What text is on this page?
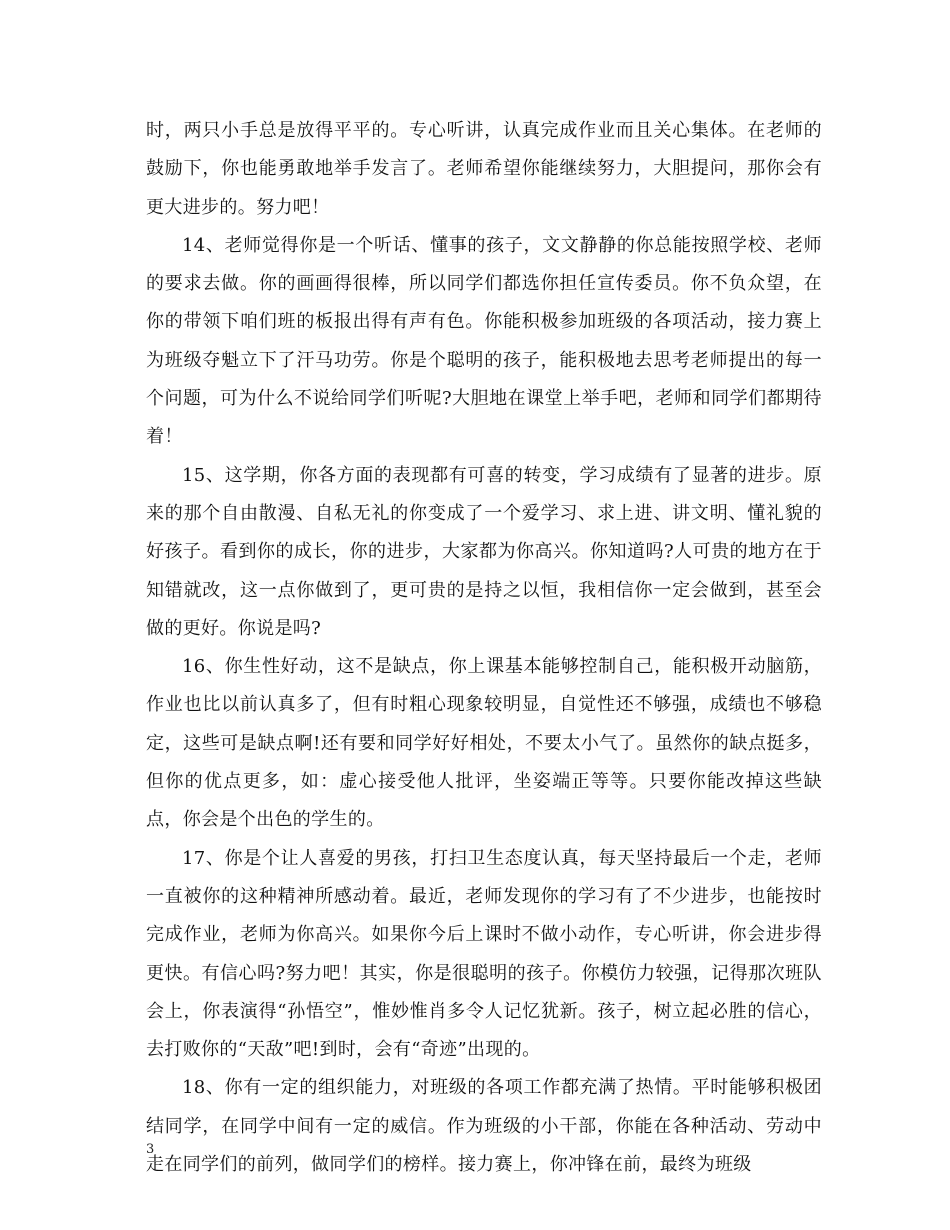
时，两只小手总是放得平平的。专心听讲，认真完成作业而且关心集体。在老师的鼓励下，你也能勇敢地举手发言了。老师希望你能继续努力，大胆提问，那你会有更大进步的。努力吧！

14、老师觉得你是一个听话、懂事的孩子，文文静静的你总能按照学校、老师的要求去做。你的画画得很棒，所以同学们都选你担任宣传委员。你不负众望，在你的带领下咱们班的板报出得有声有色。你能积极参加班级的各项活动，接力赛上为班级夺魁立下了汗马功劳。你是个聪明的孩子，能积极地去思考老师提出的每一个问题，可为什么不说给同学们听呢?大胆地在课堂上举手吧，老师和同学们都期待着！

15、这学期，你各方面的表现都有可喜的转变，学习成绩有了显著的进步。原来的那个自由散漫、自私无礼的你变成了一个爱学习、求上进、讲文明、懂礼貌的好孩子。看到你的成长，你的进步，大家都为你高兴。你知道吗?人可贵的地方在于知错就改，这一点你做到了，更可贵的是持之以恒，我相信你一定会做到，甚至会做的更好。你说是吗?

16、你生性好动，这不是缺点，你上课基本能够控制自己，能积极开动脑筋，作业也比以前认真多了，但有时粗心现象较明显，自觉性还不够强，成绩也不够稳定，这些可是缺点啊!还有要和同学好好相处，不要太小气了。虽然你的缺点挺多，但你的优点更多，如：虚心接受他人批评，坐姿端正等等。只要你能改掉这些缺点，你会是个出色的学生的。

17、你是个让人喜爱的男孩，打扫卫生态度认真，每天坚持最后一个走，老师一直被你的这种精神所感动着。最近，老师发现你的学习有了不少进步，也能按时完成作业，老师为你高兴。如果你今后上课时不做小动作，专心听讲，你会进步得更快。有信心吗?努力吧！其实，你是很聪明的孩子。你模仿力较强，记得那次班队会上，你表演得“孙悟空”，惟妙惟肖多令人记忆犹新。孩子，树立起必胜的信心，去打败你的“天敌”吧!到时，会有“奇迹”出现的。

18、你有一定的组织能力，对班级的各项工作都充满了热情。平时能够积极团结同学，在同学中间有一定的威信。作为班级的小干部，你能在各种活动、劳动中走在同学们的前列，做同学们的榜样。接力赛上，你冲锋在前，最终为班级

3
